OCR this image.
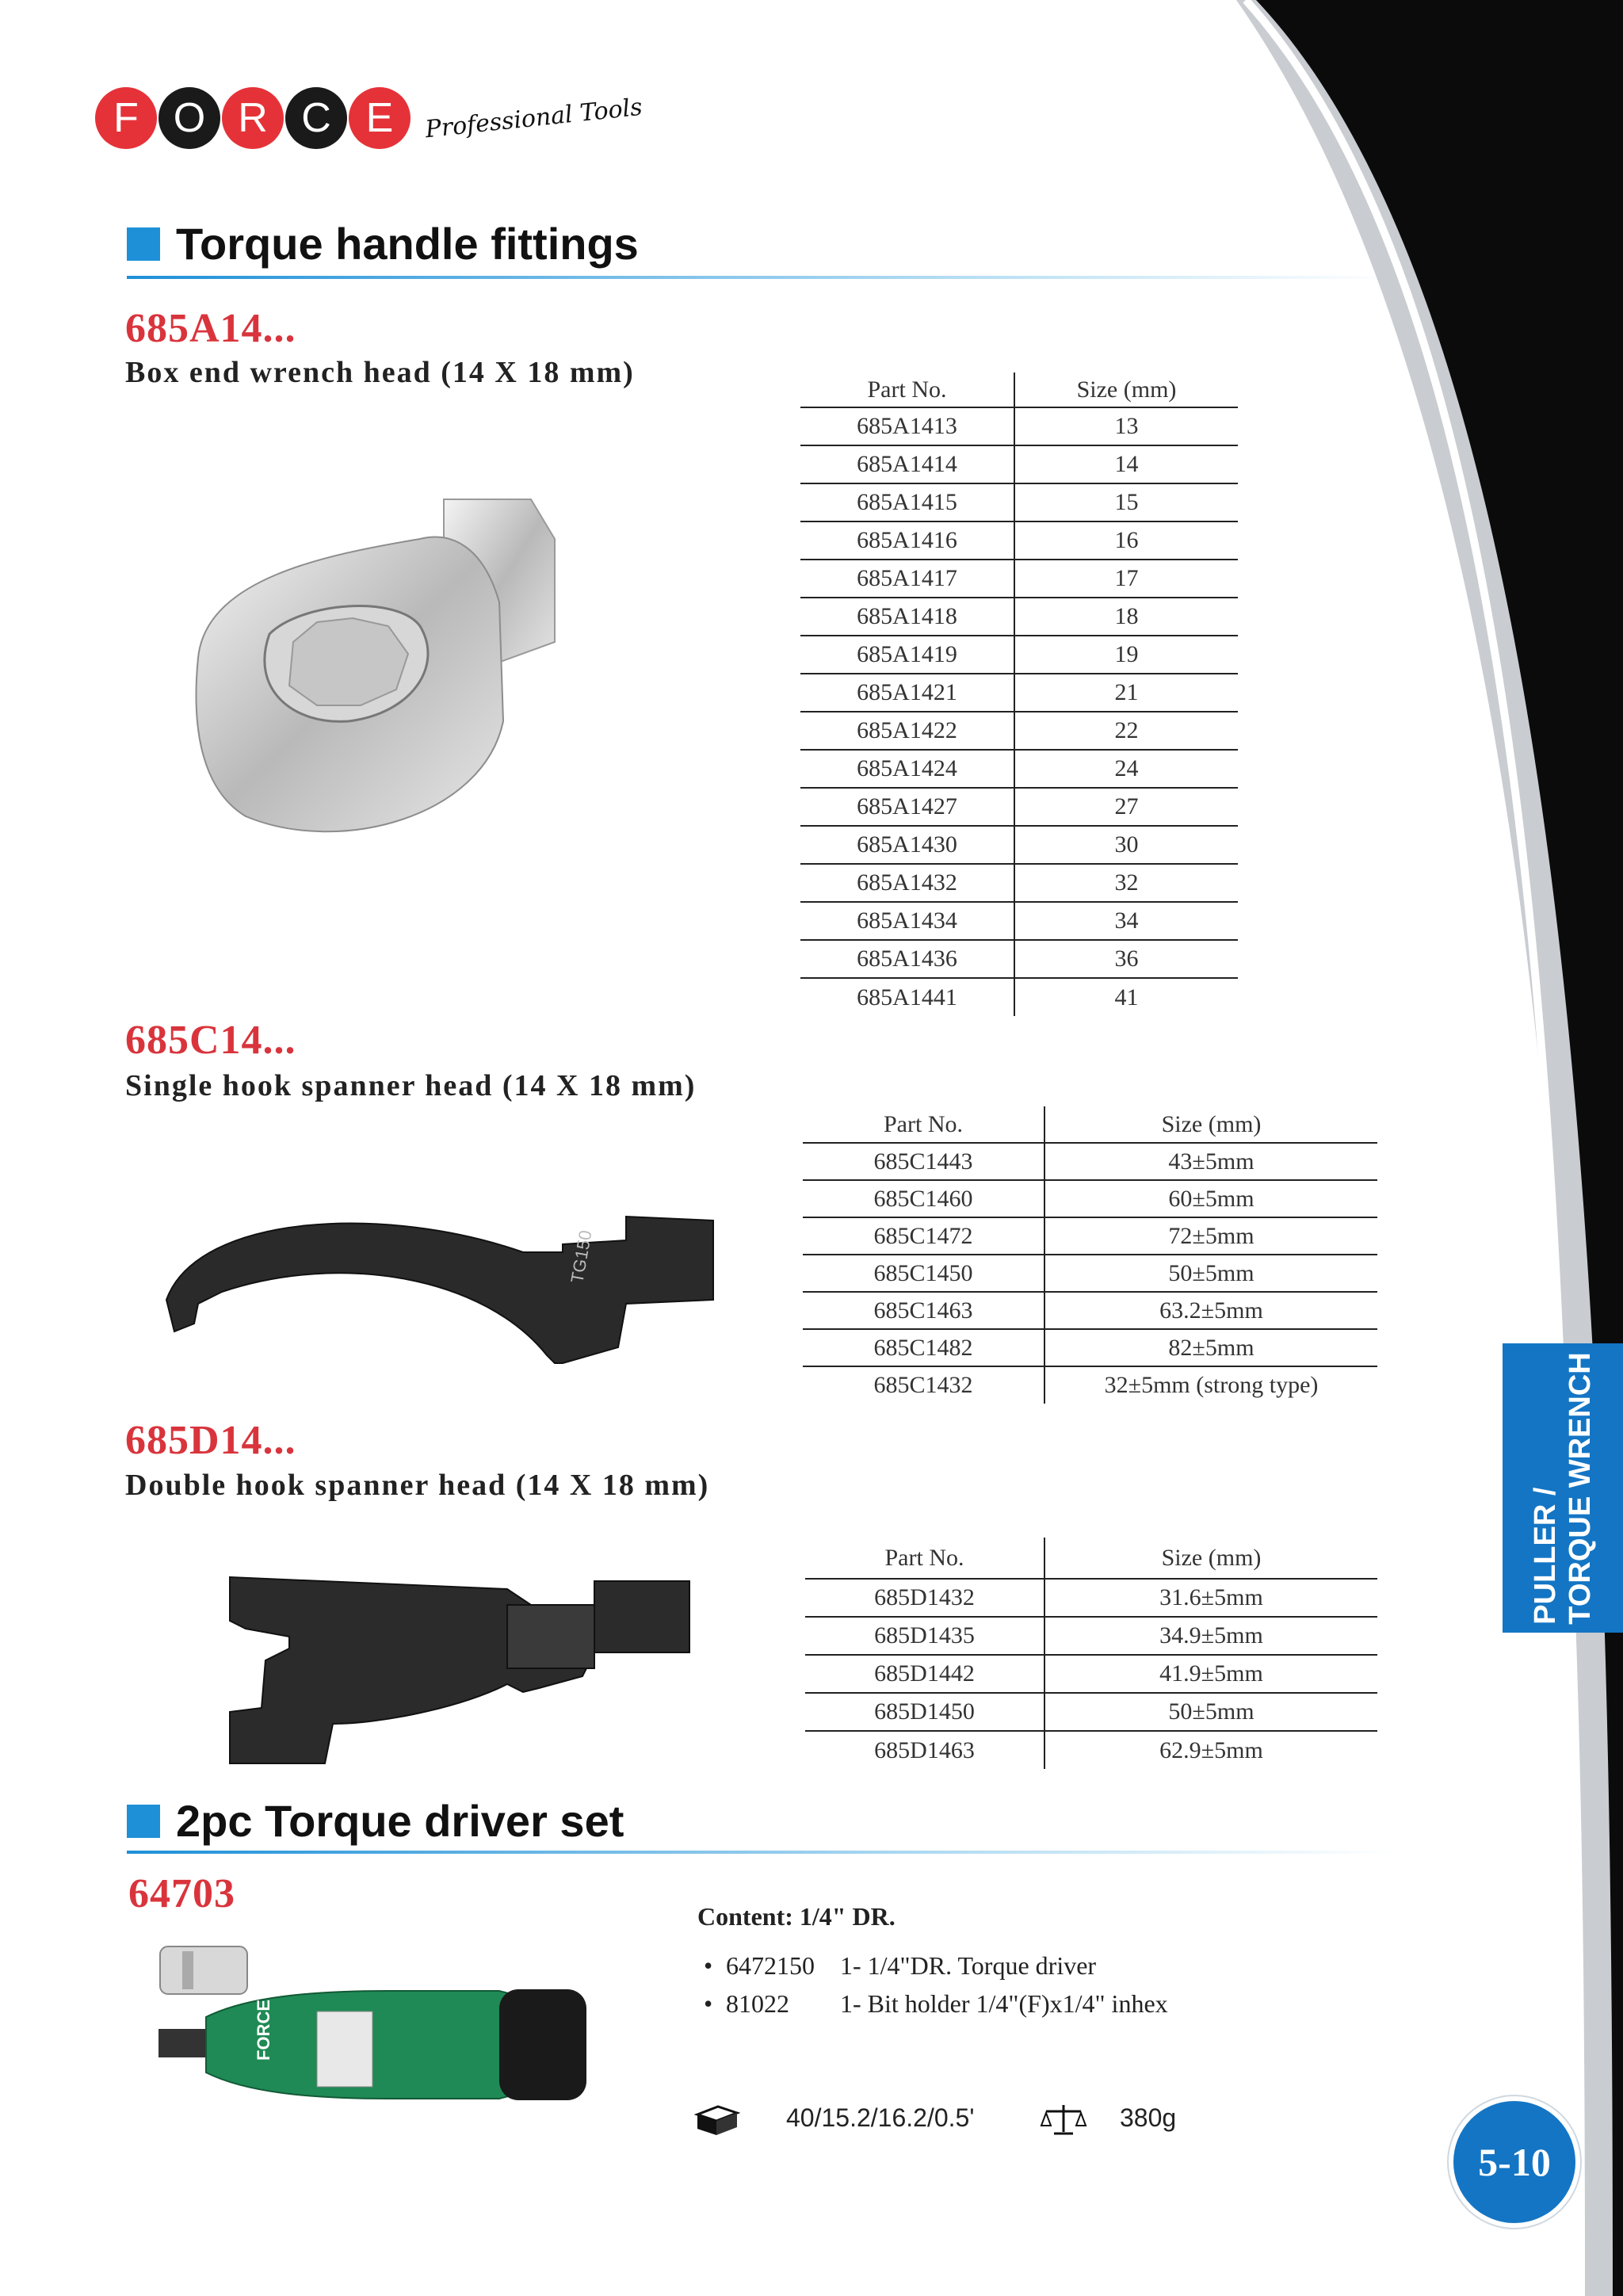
F O R C E	Professional Tools
Torque handle fittings
685A14...
Box end wrench head (14 X 18 mm)	Part No.	Size (mm)
685A1413	13
685A1414	14
685A1415	15
685A1416	16
685A1417	17
685A1418	18
685A1419	19
685A1421	21
685A1422	22
685A1424	24
685A1427	27
685A1430	30
685A1432	32
685A1434	34
685A1436	36
685A1441	41
685C14...
Single hook spanner head (14 X 18 mm)
TG150
Part No.	Size (mm)
685C1443	43±5mm
685C1460	60±5mm
685C1472	72±5mm
685C1450	50±5mm
685C1463	63.2±5mm
685C1482	82±5mm
685C1432	32±5mm (strong type)
685D14...
Double hook spanner head (14 X 18 mm)
Part No.	Size (mm)
685D1432	31.6±5mm
685D1435	34.9±5mm
685D1442	41.9±5mm
685D1450	50±5mm
685D1463	62.9±5mm
2pc Torque driver set
64703
FORCE
Content: 1/4" DR.
• 6472150	1- 1/4"DR. Torque driver
• 81022	1- Bit holder 1/4"(F)x1/4" inhex
40/15.2/16.2/0.5'	380g
PULLER / TORQUE WRENCH
5-10
